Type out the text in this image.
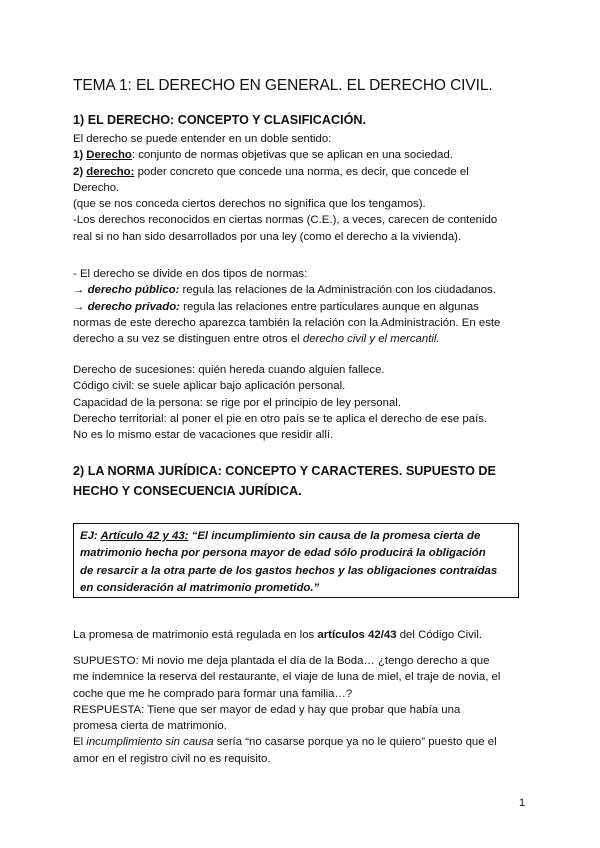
TEMA 1: EL DERECHO EN GENERAL. EL DERECHO CIVIL.
1) EL DERECHO: CONCEPTO Y CLASIFICACIÓN.
El derecho se puede entender en un doble sentido:
1) Derecho: conjunto de normas objetivas que se aplican en una sociedad.
2) derecho: poder concreto que concede una norma, es decir, que concede el
Derecho.
(que se nos conceda ciertos derechos no significa que los tengamos).
-Los derechos reconocidos en ciertas normas (C.E.), a veces, carecen de contenido
real si no han sido desarrollados por una ley (como el derecho a la vivienda).
- El derecho se divide en dos tipos de normas:
→ derecho público: regula las relaciones de la Administración con los ciudadanos.
→ derecho privado: regula las relaciones entre particulares aunque en algunas
normas de este derecho aparezca también la relación con la Administración. En este
derecho a su vez se distinguen entre otros el derecho civil y el mercantil.
Derecho de sucesiones: quién hereda cuando alguien fallece.
Código civil: se suele aplicar bajo aplicación personal.
Capacidad de la persona: se rige por el principio de ley personal.
Derecho territorial: al poner el pie en otro país se te aplica el derecho de ese país.
No es lo mismo estar de vacaciones que residir allí.
2) LA NORMA JURÍDICA: CONCEPTO Y CARACTERES. SUPUESTO DE
HECHO Y CONSECUENCIA JURÍDICA.
EJ: Artículo 42 y 43: “El incumplimiento sin causa de la promesa cierta de
matrimonio hecha por persona mayor de edad sólo producirá la obligación
de resarcir a la otra parte de los gastos hechos y las obligaciones contraídas
en consideración al matrimonio prometido.”
La promesa de matrimonio está regulada en los artículos 42/43 del Código Civil.
SUPUESTO: Mi novio me deja plantada el día de la Boda… ¿tengo derecho a que
me indemnice la reserva del restaurante, el viaje de luna de miel, el traje de novia, el
coche que me he comprado para formar una familia…?
RESPUESTA: Tiene que ser mayor de edad y hay que probar que había una
promesa cierta de matrimonio.
El incumplimiento sin causa sería “no casarse porque ya no le quiero” puesto que el
amor en el registro civil no es requisito.
1
